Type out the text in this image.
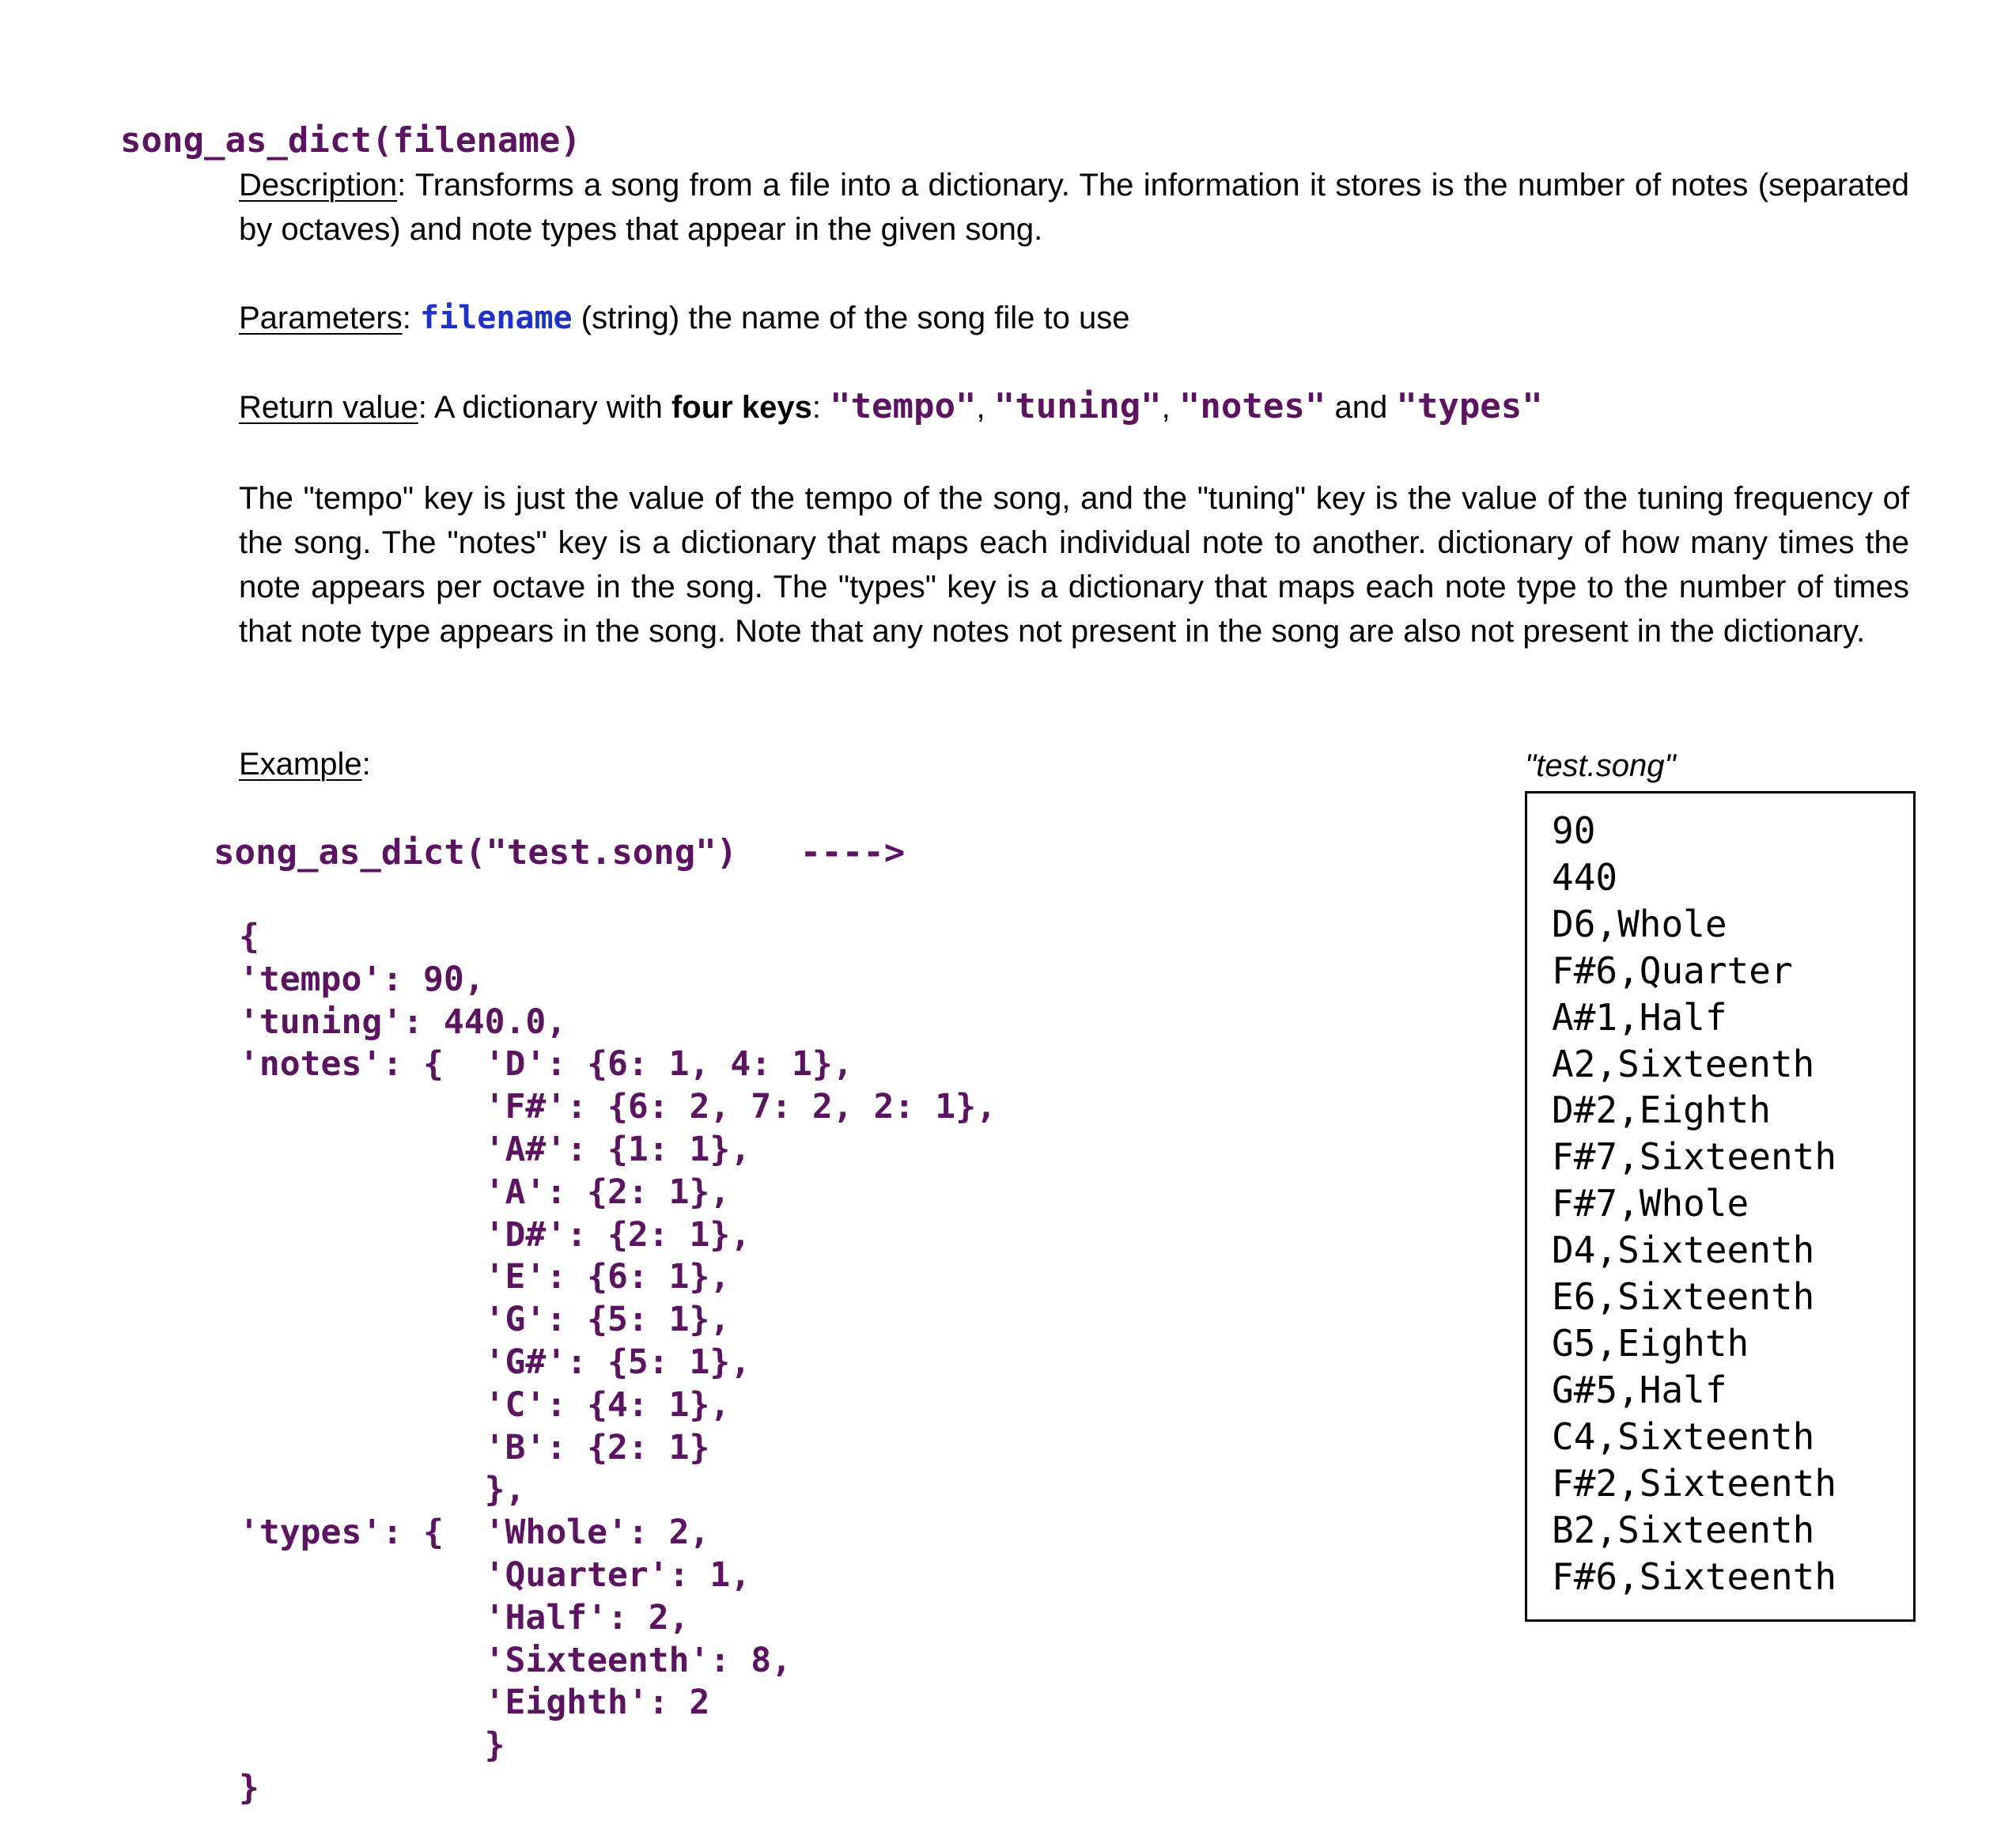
song_as_dict(filename)
Description: Transforms a song from a file into a dictionary. The information it stores is the number of notes (separated by octaves) and note types that appear in the given song.
Parameters: filename (string) the name of the song file to use
Return value: A dictionary with four keys: "tempo", "tuning", "notes" and "types"
The "tempo" key is just the value of the tempo of the song, and the "tuning" key is the value of the tuning frequency of the song. The "notes" key is a dictionary that maps each individual note to another. dictionary of how many times the note appears per octave in the song. The "types" key is a dictionary that maps each note type to the number of times that note type appears in the song. Note that any notes not present in the song are also not present in the dictionary.
Example:
song_as_dict("test.song") ---->
{
'tempo': 90,
'tuning': 440.0,
'notes': {  'D': {6: 1, 4: 1},
'F#': {6: 2, 7: 2, 2: 1},
'A#': {1: 1},
'A': {2: 1},
'D#': {2: 1},
'E': {6: 1},
'G': {5: 1},
'G#': {5: 1},
'C': {4: 1},
'B': {2: 1}
},
'types': {  'Whole': 2,
'Quarter': 1,
'Half': 2,
'Sixteenth': 8,
'Eighth': 2
}
}
"test.song"
90
440
D6,Whole
F#6,Quarter
A#1,Half
A2,Sixteenth
D#2,Eighth
F#7,Sixteenth
F#7,Whole
D4,Sixteenth
E6,Sixteenth
G5,Eighth
G#5,Half
C4,Sixteenth
F#2,Sixteenth
B2,Sixteenth
F#6,Sixteenth
